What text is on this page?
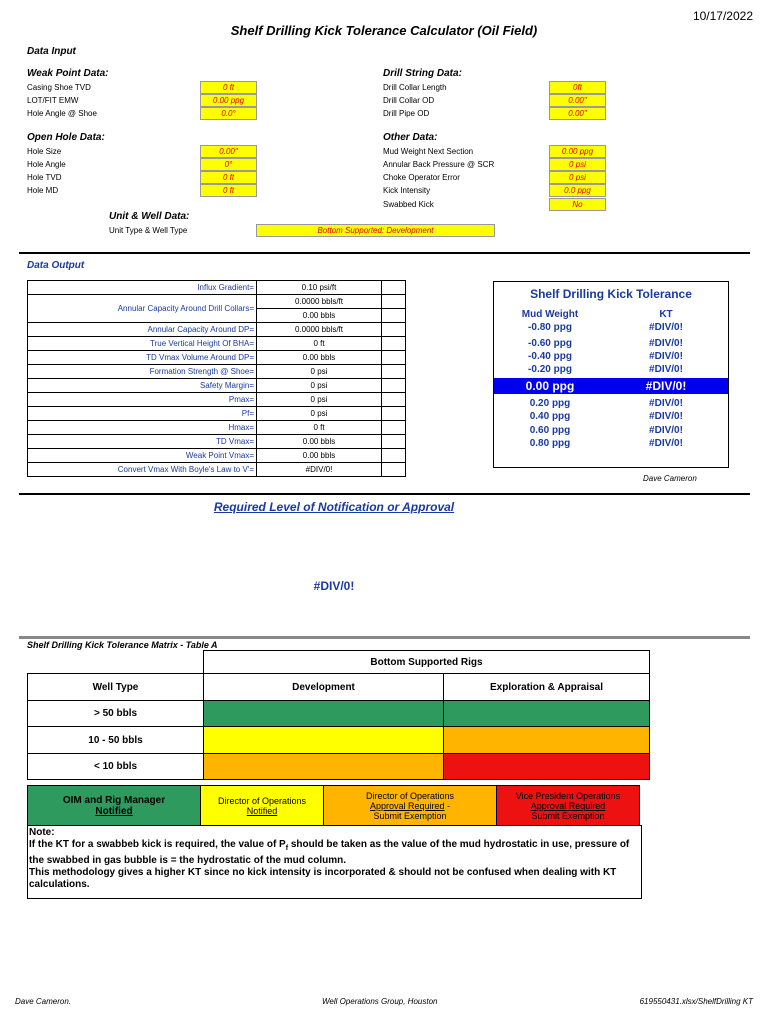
10/17/2022
Shelf Drilling Kick Tolerance Calculator (Oil Field)
Data Input
Weak Point Data:
Casing Shoe TVD	0 ft
LOT/FIT EMW	0.00 ppg
Hole Angle @ Shoe	0.0°
Open Hole Data:
Hole Size	0.00"
Hole Angle	0°
Hole TVD	0 ft
Hole MD	0 ft
Drill String Data:
Drill Collar Length	0ft
Drill Collar OD	0.00"
Drill Pipe OD	0.00"
Other Data:
Mud Weight Next Section	0.00 ppg
Annular Back Pressure @ SCR	0 psi
Choke Operator Error	0 psi
Kick Intensity	0.0 ppg
Swabbed Kick	No
Unit & Well Data:
Unit Type & Well Type	Bottom Supported: Development
Data Output
Influx Gradient=	0.10 psi/ft	
Annular Capacity Around Drill Collars=	0.0000 bbls/ft	
	0.00 bbls	
Annular Capacity Around DP=	0.0000 bbls/ft	
True Vertical Height Of BHA=	0 ft	
TD Vmax Volume Around DP=	0.00 bbls	
Formation Strength @ Shoe=	0 psi	
Safety Margin=	0 psi	
Pmax=	0 psi	
Pf=	0 psi	
Hmax=	0 ft	
TD Vmax=	0.00 bbls	
Weak Point Vmax=	0.00 bbls	
Convert Vmax With Boyle's Law to V'=	#DIV/0!	
Shelf Drilling Kick Tolerance
Mud Weight	KT
-0.80 ppg	#DIV/0!
-0.60 ppg	#DIV/0!
-0.40 ppg	#DIV/0!
-0.20 ppg	#DIV/0!
0.00 ppg	#DIV/0!
0.20 ppg	#DIV/0!
0.40 ppg	#DIV/0!
0.60 ppg	#DIV/0!
0.80 ppg	#DIV/0!
Dave Cameron
Required Level of Notification or Approval
#DIV/0!
Shelf Drilling Kick Tolerance Matrix - Table A
	Bottom Supported Rigs	
Well Type	Development	Exploration & Appraisal
> 50 bbls		
10 - 50 bbls		
< 10 bbls		
OIM and Rig Manager
Notified

Director of Operations
Notified

Director of Operations
Approval Required -
Submit Exemption

Vice President Operations
Approval Required
Submit Exemption
Note:
If the KT for a swabbeb kick is required, the value of $P_f$ should be taken as the value of the mud hydrostatic in use, pressure of the swabbed in gas bubble is = the hydrostatic of the mud column.
This methodology gives a higher KT since no kick intensity is incorporated & should not be confused when dealing with KT calculations.
Dave Cameron.	Well Operations Group, Houston	619550431.xlsx/ShelfDrilling KT
